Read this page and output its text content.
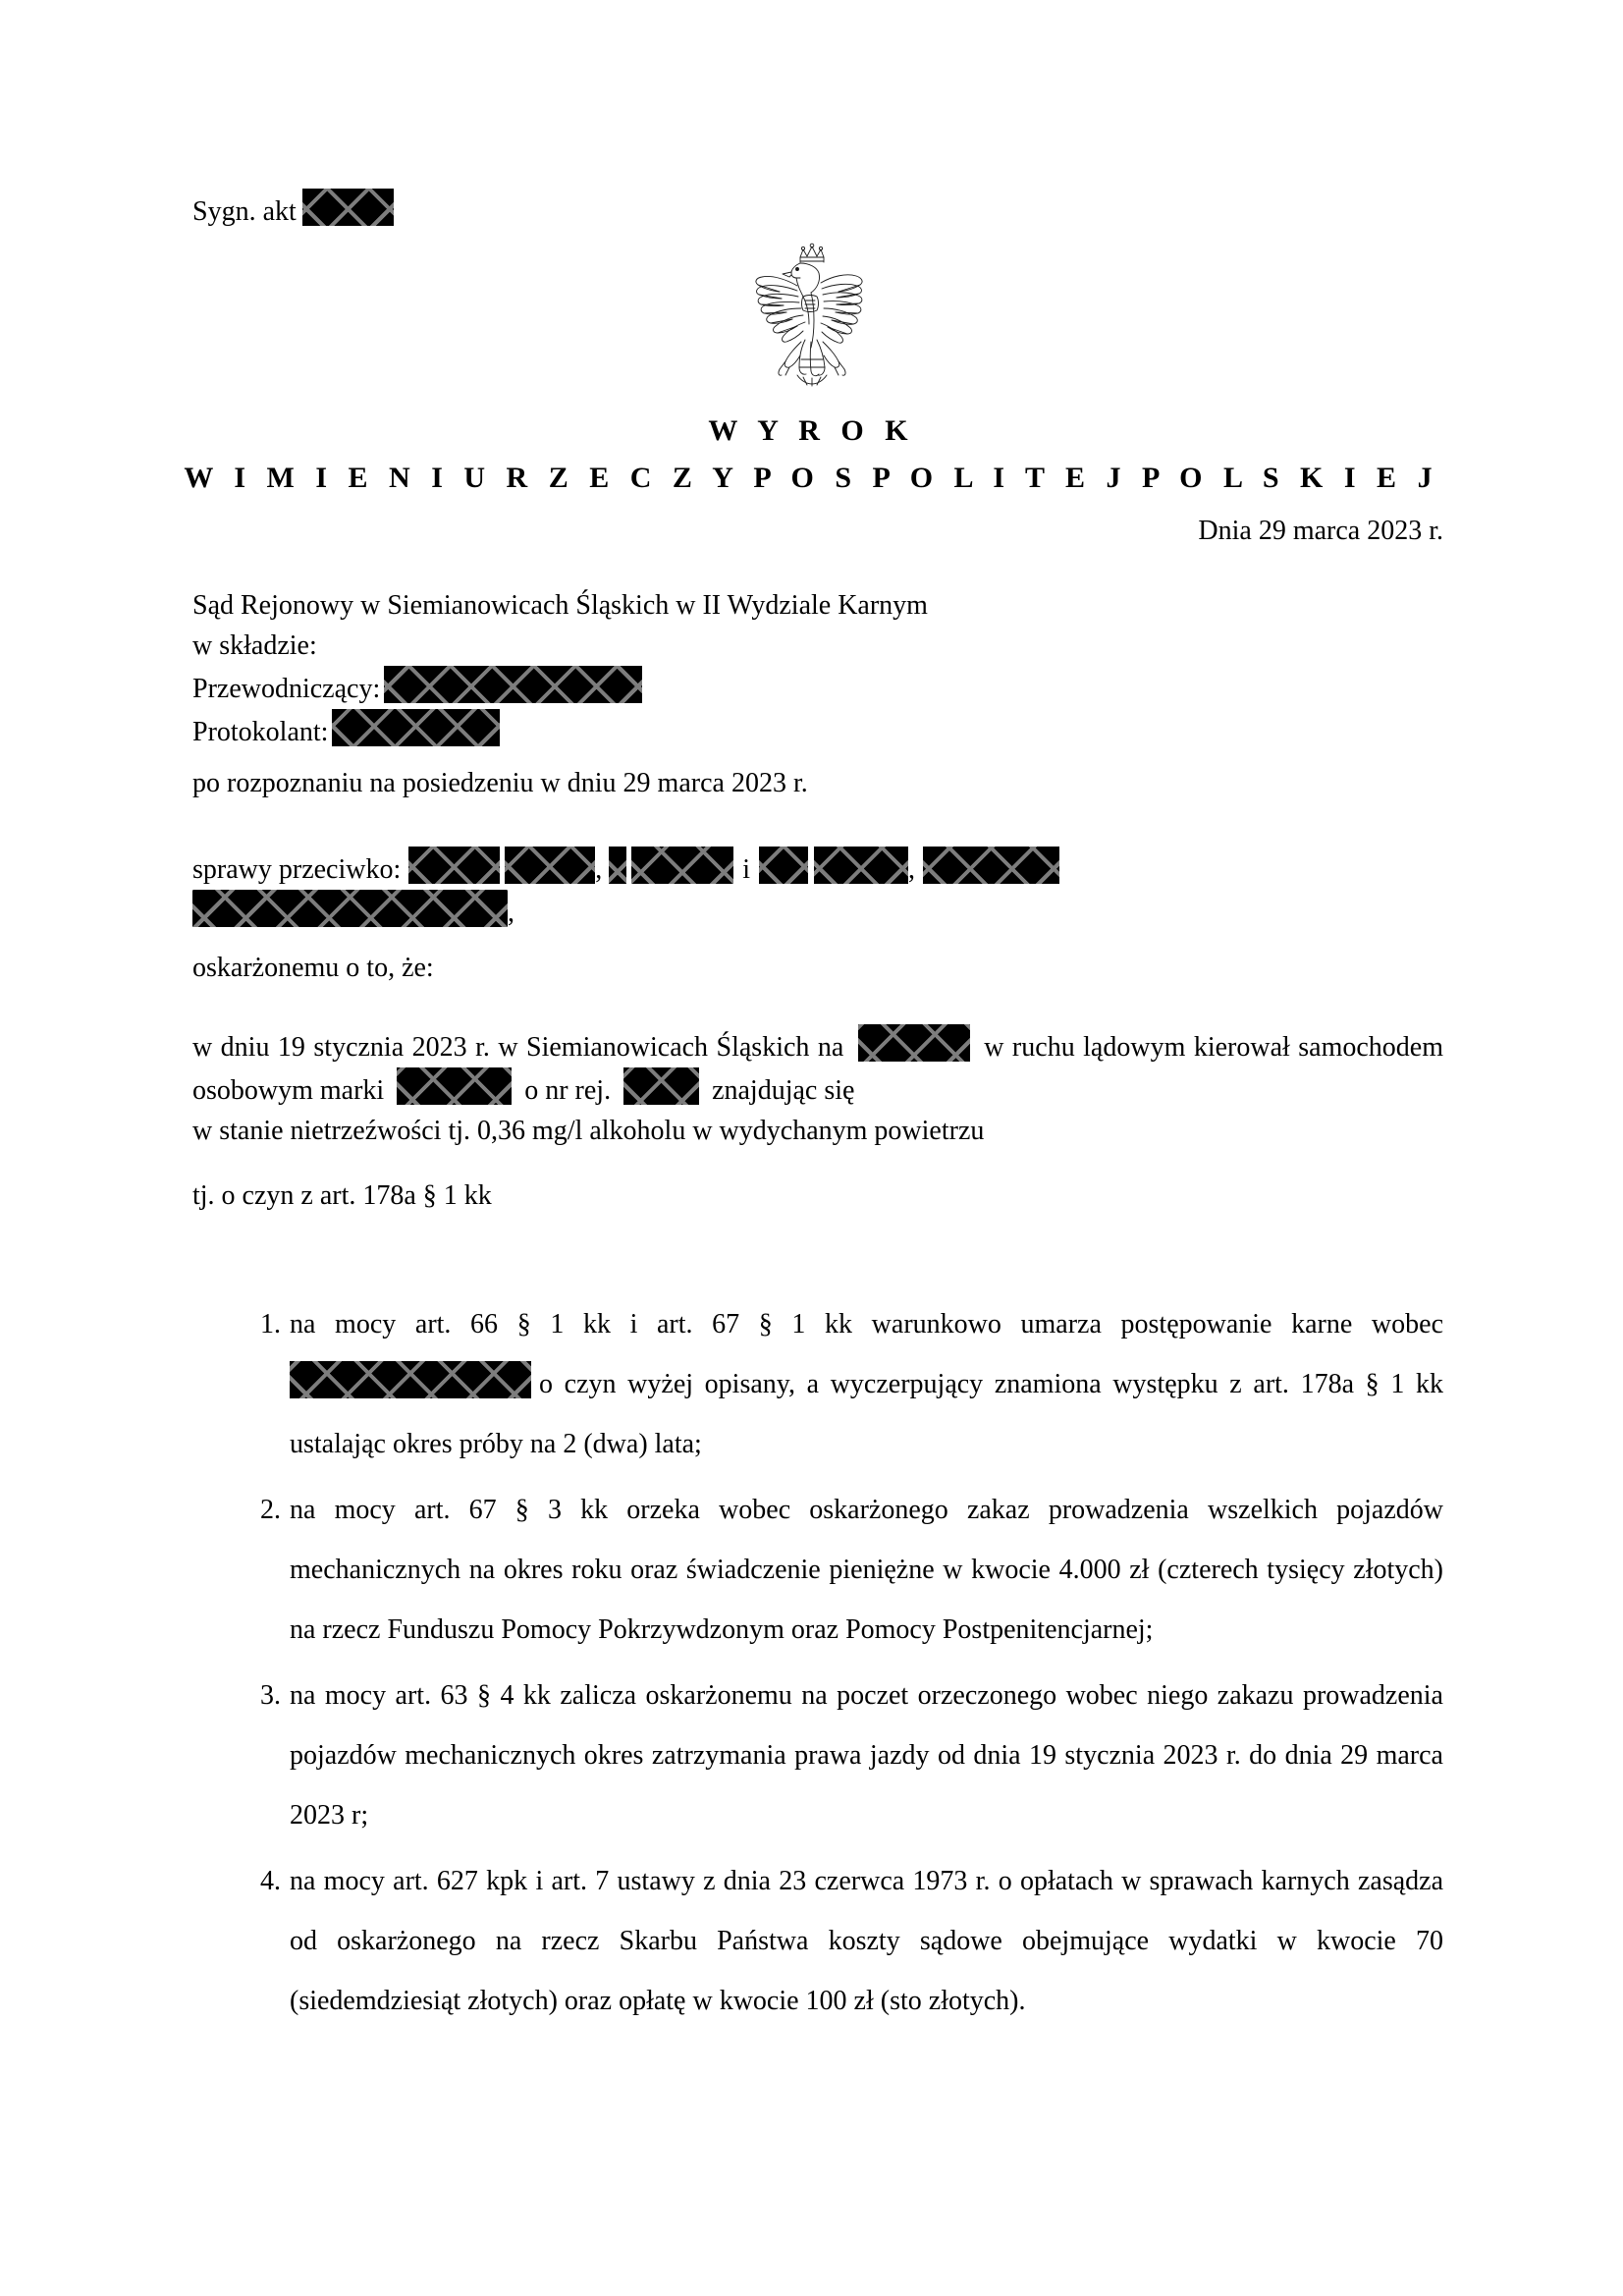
Sygn. akt
W Y R O K
W I M I E N I U R Z E C Z Y P O S P O L I T E J P O L S K I E J
Dnia 29 marca 2023 r.
Sąd Rejonowy w Siemianowicach Śląskich w II Wydziale Karnym
w składzie:
Przewodniczący:
Protokolant:
po rozpoznaniu na posiedzeniu w dniu 29 marca 2023 r.
sprawy przeciwko:	,	i	,
,
oskarżonemu o to, że:
w dniu 19 stycznia 2023 r. w Siemianowicach Śląskich na	w ruchu lądowym kierował samochodem osobowym marki	o nr rej.	znajdując się
w stanie nietrzeźwości tj. 0,36 mg/l alkoholu w wydychanym powietrzu
tj. o czyn z art. 178a § 1 kk
1. na mocy art. 66 § 1 kk i art. 67 § 1 kk warunkowo umarza postępowanie karne wobec o czyn wyżej opisany, a wyczerpujący znamiona występku z art. 178a § 1 kk ustalając okres próby na 2 (dwa) lata;
2. na mocy art. 67 § 3 kk orzeka wobec oskarżonego zakaz prowadzenia wszelkich pojazdów mechanicznych na okres roku oraz świadczenie pieniężne w kwocie 4.000 zł (czterech tysięcy złotych) na rzecz Funduszu Pomocy Pokrzywdzonym oraz Pomocy Postpenitencjarnej;
3. na mocy art. 63 § 4 kk zalicza oskarżonemu na poczet orzeczonego wobec niego zakazu prowadzenia pojazdów mechanicznych okres zatrzymania prawa jazdy od dnia 19 stycznia 2023 r. do dnia 29 marca 2023 r;
4. na mocy art. 627 kpk i art. 7 ustawy z dnia 23 czerwca 1973 r. o opłatach w sprawach karnych zasądza od oskarżonego na rzecz Skarbu Państwa koszty sądowe obejmujące wydatki w kwocie 70 (siedemdziesiąt złotych) oraz opłatę w kwocie 100 zł (sto złotych).
